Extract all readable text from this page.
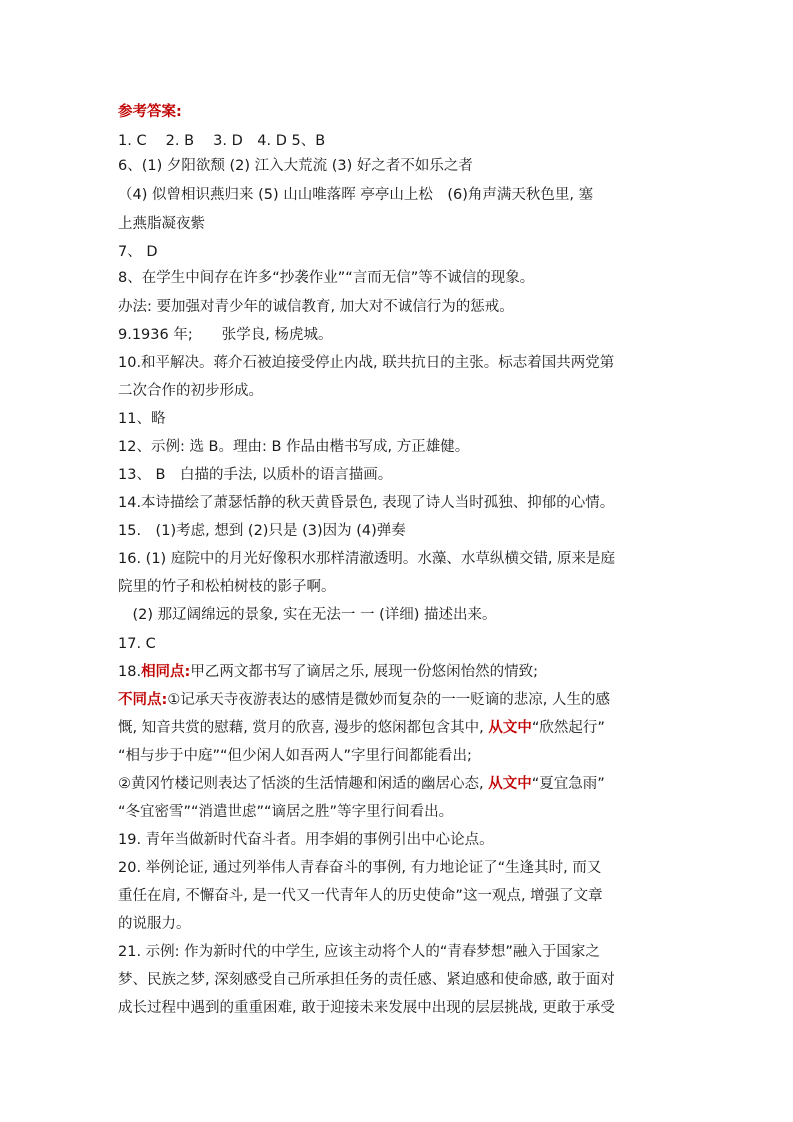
参考答案:
1. C　 2. B　 3. D　4. D 5、B
6、(1) 夕阳欲颓 (2) 江入大荒流 (3) 好之者不如乐之者
（4) 似曾相识燕归来 (5) 山山唯落晖 亭亭山上松　(6)角声满天秋色里, 塞
上燕脂凝夜紫
7、 D
8、在学生中间存在许多“抄袭作业”“言而无信”等不诚信的现象。
办法: 要加强对青少年的诚信教育, 加大对不诚信行为的惩戒。
9.1936 年;　　张学良, 杨虎城。
10.和平解决。蒋介石被迫接受停止内战, 联共抗日的主张。标志着国共两党第
二次合作的初步形成。
11、略
12、示例: 选 B。理由: B 作品由楷书写成, 方正雄健。
13、 B　白描的手法, 以质朴的语言描画。
14.本诗描绘了萧瑟恬静的秋天黄昏景色, 表现了诗人当时孤独、抑郁的心情。
15.　(1)考虑, 想到 (2)只是 (3)因为 (4)弹奏
16. (1) 庭院中的月光好像积水那样清澈透明。水藻、水草纵横交错, 原来是庭
院里的竹子和松柏树枝的影子啊。
　(2) 那辽阔绵远的景象, 实在无法一 一 (详细) 描述出来。
17. C
18.相同点:甲乙两文都书写了谪居之乐, 展现一份悠闲怡然的情致;
不同点:①记承天寺夜游表达的感情是微妙而复杂的一一贬谪的悲凉, 人生的感
慨, 知音共赏的慰藉, 赏月的欣喜, 漫步的悠闲都包含其中, 从文中“欣然起行”
“相与步于中庭”“但少闲人如吾两人”字里行间都能看出;
②黄冈竹楼记则表达了恬淡的生活情趣和闲适的幽居心态, 从文中“夏宜急雨”
“冬宜密雪”“消遣世虑”“谪居之胜”等字里行间看出。
19. 青年当做新时代奋斗者。用李娟的事例引出中心论点。
20. 举例论证, 通过列举伟人青春奋斗的事例, 有力地论证了“生逢其时, 而又
重任在肩, 不懈奋斗, 是一代又一代青年人的历史使命”这一观点, 增强了文章
的说服力。
21. 示例: 作为新时代的中学生, 应该主动将个人的“青春梦想”融入于国家之
梦、民族之梦, 深刻感受自己所承担任务的责任感、紧迫感和使命感, 敢于面对
成长过程中遇到的重重困难, 敢于迎接未来发展中出现的层层挑战, 更敢于承受
